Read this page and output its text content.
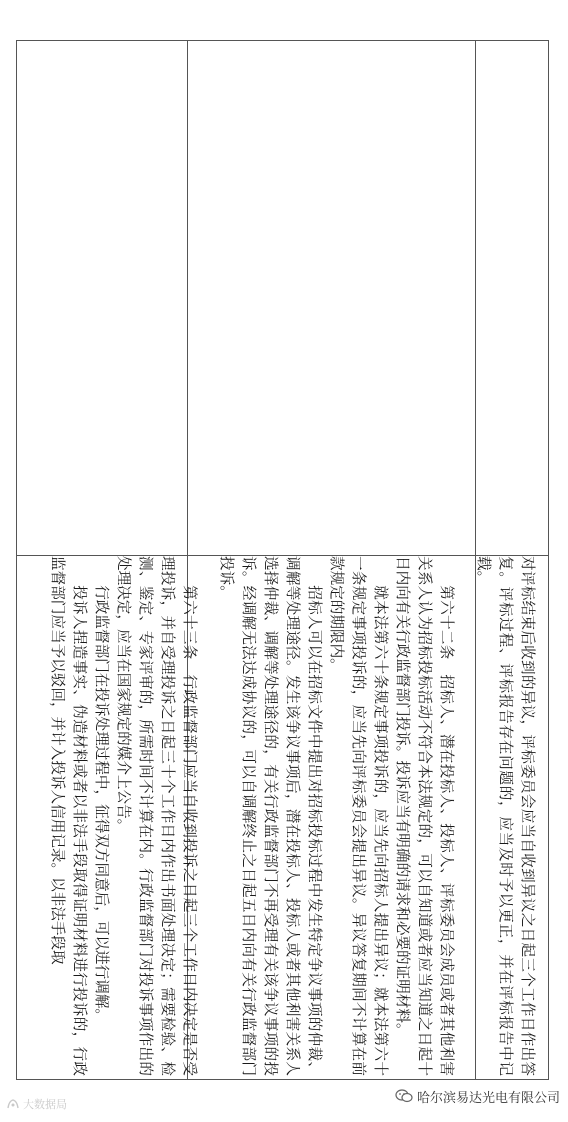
对评标结束后收到的异议，评标委员会应当自收到异议之日起三个工作日作出答复。评标过程、评标报告存在问题的，应当及时予以更正，并在评标报告中记载。

第六十二条　招标人、潜在投标人、投标人、评标委员会成员或者其他利害关系人认为招标投标活动不符合本法规定的，可以自知道或者应当知道之日起十日内向有关行政监督部门投诉。投诉应当有明确的请求和必要的证明材料。

就本法第六十条规定事项投诉的，应当先向招标人提出异议；就本法第六十一条规定事项投诉的，应当先向评标委员会提出异议。异议答复期间不计算在前款规定的期限内。

招标人可以在招标文件中提出对招标投标过程中发生特定争议事项的仲裁、调解等处理途径。发生该争议事项后，潜在投标人、投标人或者其他利害关系人选择仲裁、调解等处理途径的，有关行政监督部门不再受理有关该争议事项的投诉。经调解无法达成协议的，可以自调解终止之日起五日内向有关行政监督部门投诉。

第六十三条　行政监督部门应当自收到投诉之日起三个工作日内决定是否受理投诉，并自受理投诉之日起三十个工作日内作出书面处理决定；需要检验、检测、鉴定、专家评审的，所需时间不计算在内。行政监督部门对投诉事项作出的处理决定，应当在国家规定的媒介上公告。

行政监督部门在投诉处理过程中，征得双方同意后，可以进行调解。

投诉人捏造事实、伪造材料或者以非法手段取得证明材料进行投诉的，行政监督部门应当予以驳回，并计入投诉人信用记录。以非法手段取

哈尔滨易达光电有限公司
大数据局
